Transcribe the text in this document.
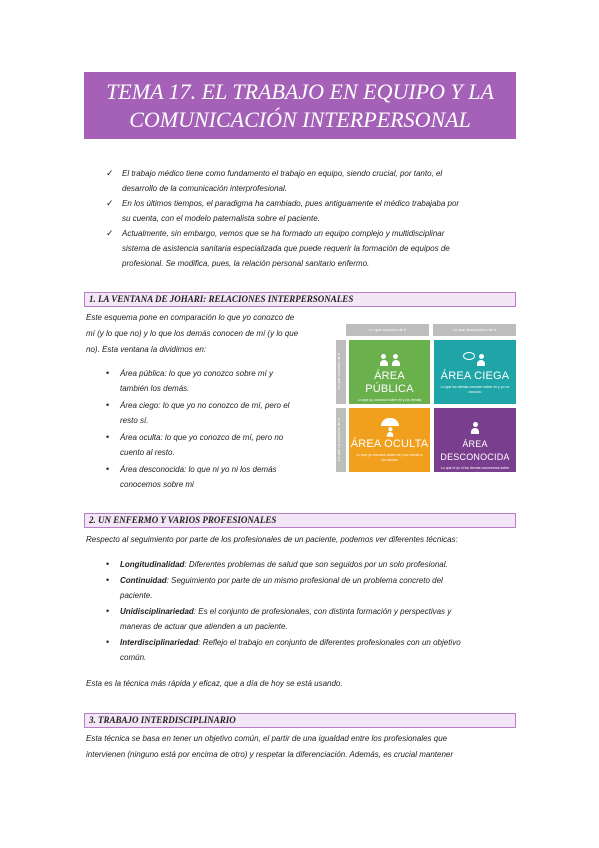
TEMA 17. EL TRABAJO EN EQUIPO Y LA
COMUNICACIÓN INTERPERSONAL
✓ El trabajo médico tiene como fundamento el trabajo en equipo, siendo crucial, por tanto, el
desarrollo de la comunicación interprofesional.
✓ En los últimos tiempos, el paradigma ha cambiado, pues antiguamente el médico trabajaba por
su cuenta, con el modelo paternalista sobre el paciente.
✓ Actualmente, sin embargo, vemos que se ha formado un equipo complejo y multidisciplinar
sistema de asistencia sanitaria especializada que puede requerir la formación de equipos de
profesional. Se modifica, pues, la relación personal sanitario enfermo.
1. LA VENTANA DE JOHARI: RELACIONES INTERPERSONALES
Este esquema pone en comparación lo que yo conozco de
mí (y lo que no) y lo que los demás conocen de mí (y lo que
no). Esta ventana la dividimos en:
• Área pública: lo que yo conozco sobre mí y
también los demás.
• Área ciego: lo que yo no conozco de mí, pero el
resto sí.
• Área oculta: lo que yo conozco de mí, pero no
cuento al resto.
• Área desconocida: lo que ni yo ni los demás
conocemos sobre mi
Lo que conozco de ti	Lo que desconozco de ti
Lo que conoces de ti
Lo que no conoces de ti
ÁREA PÚBLICA
Lo que yo conozco sobre mí y los demás conocen de mí
ÁREA CIEGA
Lo que los demás conocen sobre mí y yo no conozco
ÁREA OCULTA
Lo que yo conozco sobre mí y no cuento a los demás
ÁREA DESCONOCIDA
Lo que ni yo ni los demás conocemos sobre mí
2. UN ENFERMO Y VARIOS PROFESIONALES
Respecto al seguimiento por parte de los profesionales de un paciente, podemos ver diferentes técnicas:
• Longitudinalidad: Diferentes problemas de salud que son seguidos por un solo profesional.
• Continuidad: Seguimiento por parte de un mismo profesional de un problema concreto del
paciente.
• Unidisciplinariedad: Es el conjunto de profesionales, con distinta formación y perspectivas y
maneras de actuar que atienden a un paciente.
• Interdisciplinariedad: Reflejo el trabajo en conjunto de diferentes profesionales con un objetivo
común.
Esta es la técnica más rápida y eficaz, que a día de hoy se está usando.
3. TRABAJO INTERDISCIPLINARIO
Esta técnica se basa en tener un objetivo común, el partir de una igualdad entre los profesionales que
intervienen (ninguno está por encima de otro) y respetar la diferenciación. Además, es crucial mantener
